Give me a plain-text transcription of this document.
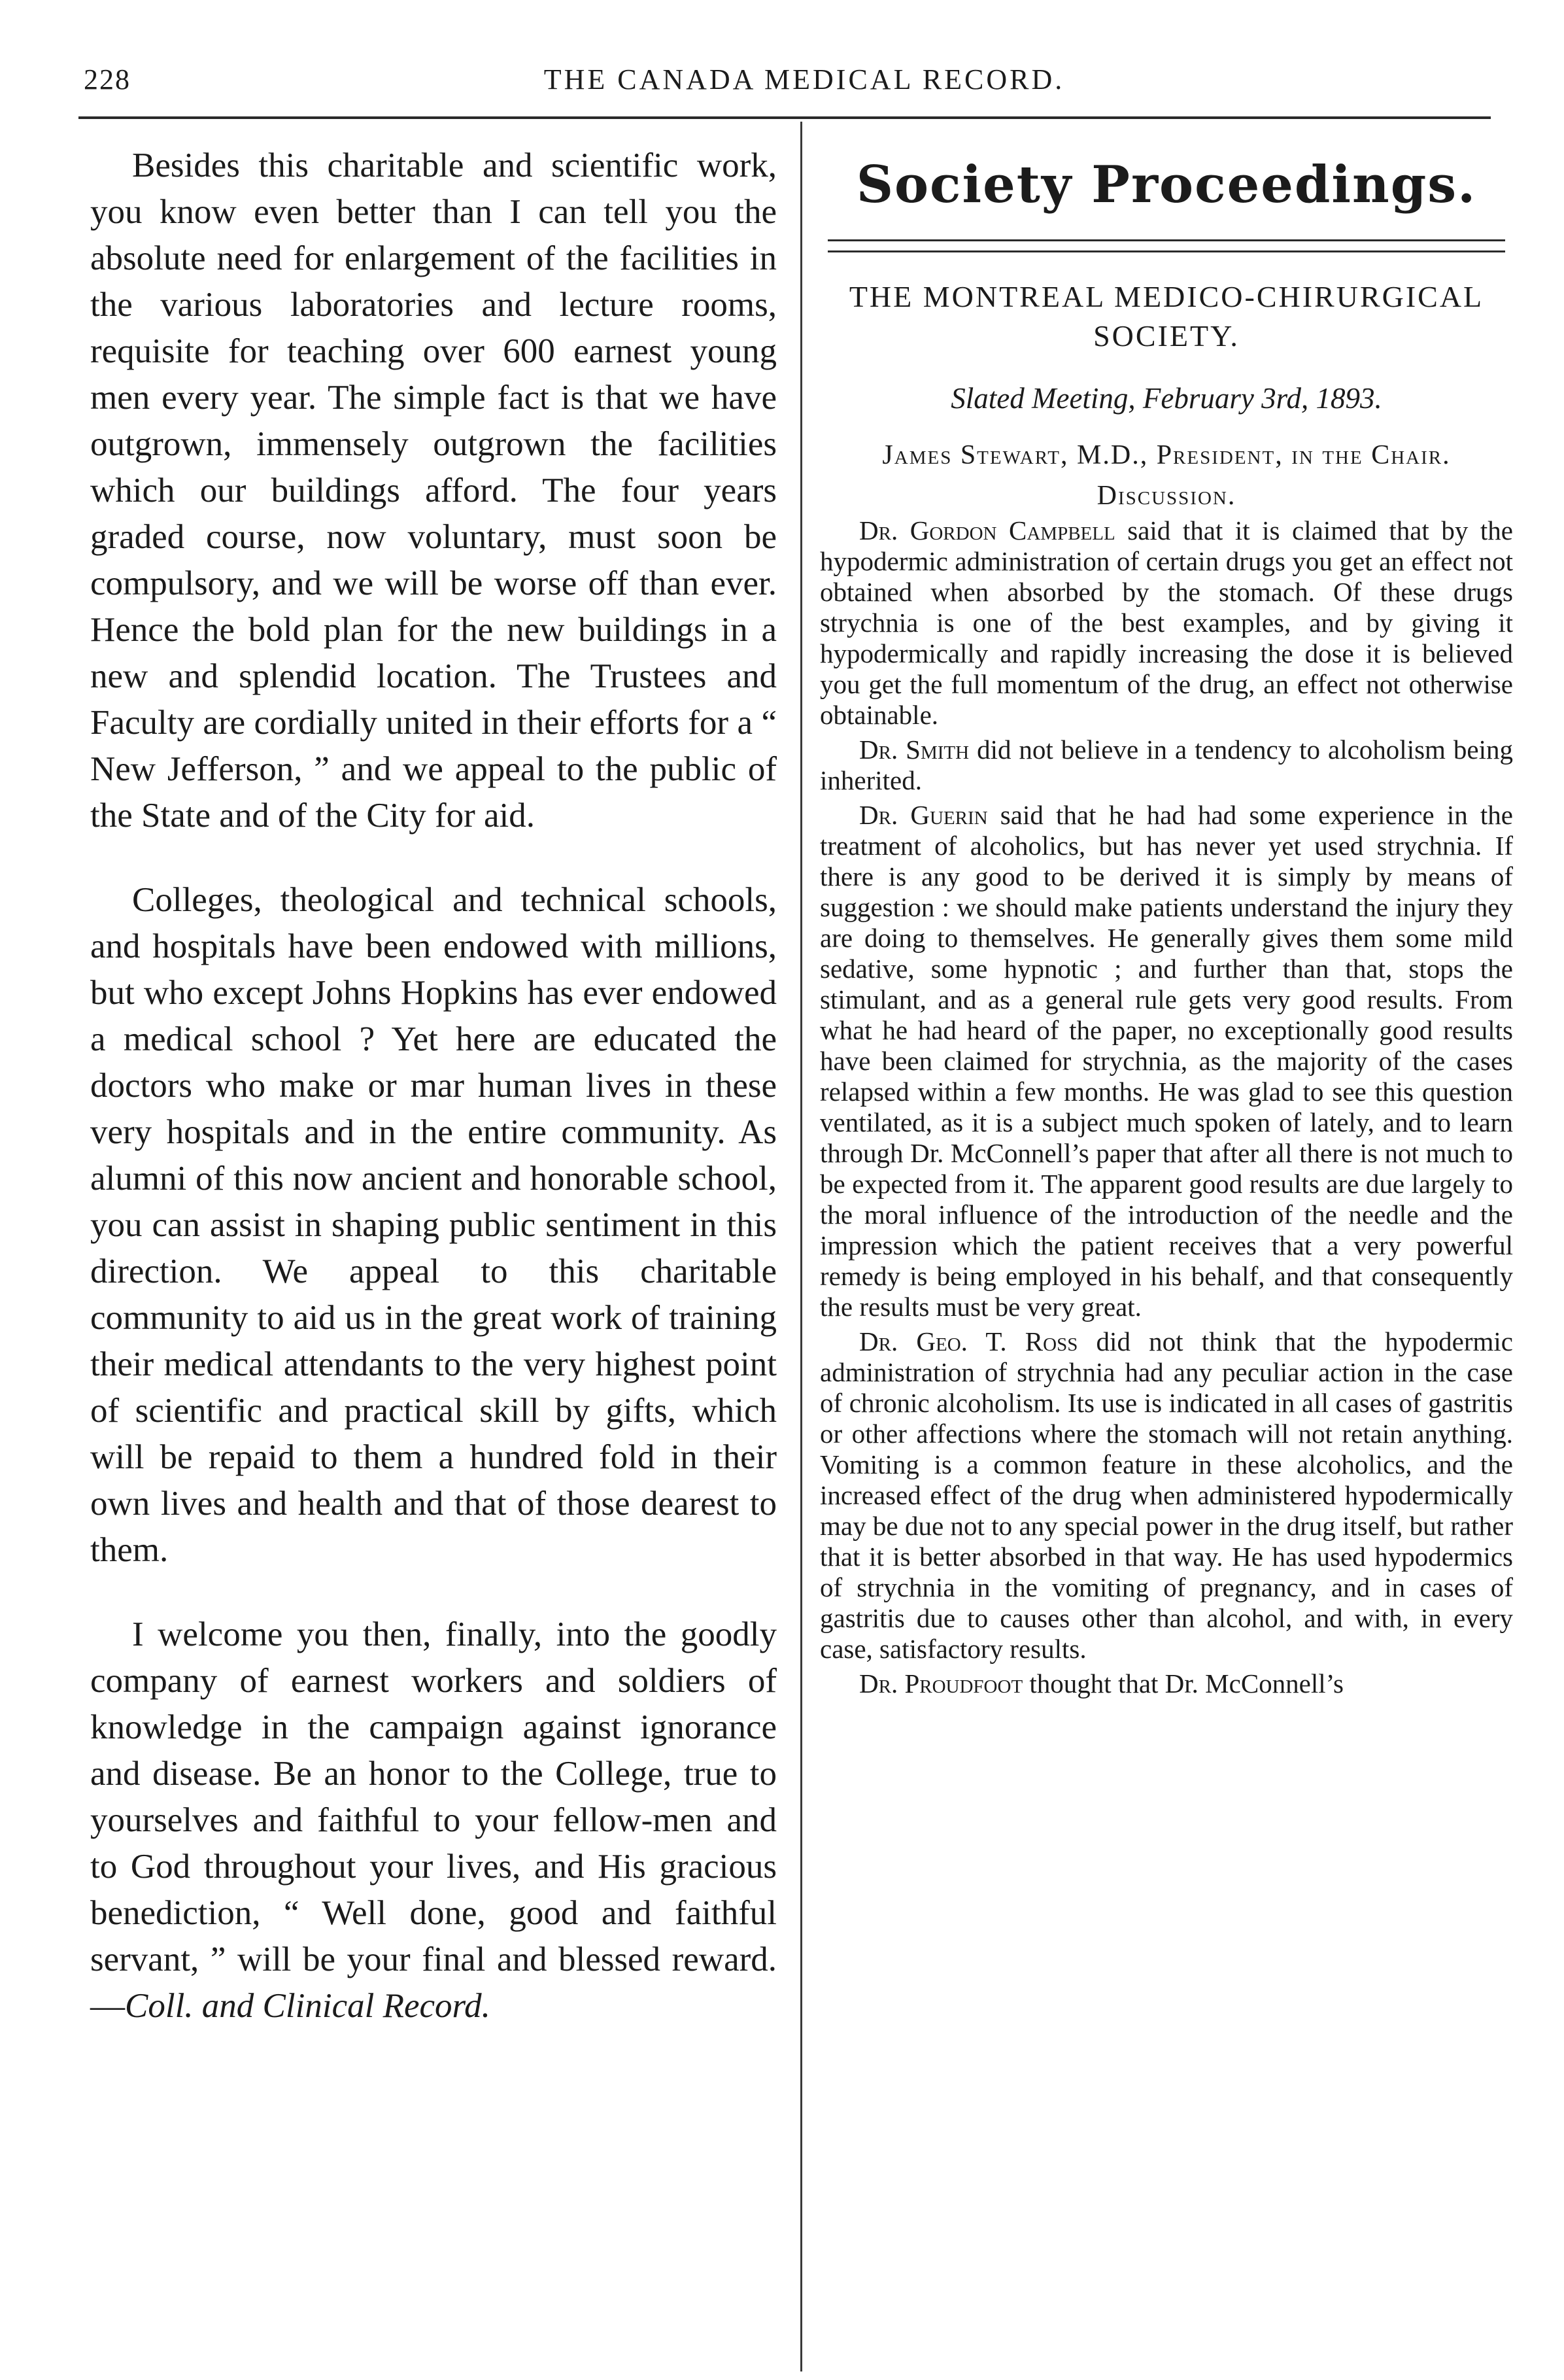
228	THE CANADA MEDICAL RECORD.

Besides this charitable and scientific work, you know even better than I can tell you the absolute need for enlargement of the facilities in the various laboratories and lecture rooms, requisite for teaching over 600 earnest young men every year. The simple fact is that we have outgrown, immensely outgrown the facilities which our buildings afford. The four years graded course, now voluntary, must soon be compulsory, and we will be worse off than ever. Hence the bold plan for the new buildings in a new and splendid location. The Trustees and Faculty are cordially united in their efforts for a “ New Jefferson, ” and we appeal to the public of the State and of the City for aid.

Colleges, theological and technical schools, and hospitals have been endowed with millions, but who except Johns Hopkins has ever endowed a medical school ? Yet here are educated the doctors who make or mar human lives in these very hospitals and in the entire community. As alumni of this now ancient and honorable school, you can assist in shaping public sentiment in this direction. We appeal to this charitable community to aid us in the great work of training their medical attendants to the very highest point of scientific and practical skill by gifts, which will be repaid to them a hundred fold in their own lives and health and that of those dearest to them.

I welcome you then, finally, into the goodly company of earnest workers and soldiers of knowledge in the campaign against ignorance and disease. Be an honor to the College, true to yourselves and faithful to your fellow-men and to God throughout your lives, and His gracious benediction, “ Well done, good and faithful servant, ” will be your final and blessed reward.—Coll. and Clinical Record.

Society Proceedings.
THE MONTREAL MEDICO-CHIRURGICAL SOCIETY.
Slated Meeting, February 3rd, 1893.
James Stewart, M.D., President, in the Chair.
Discussion.

Dr. Gordon Campbell said that it is claimed that by the hypodermic administration of certain drugs you get an effect not obtained when absorbed by the stomach. Of these drugs strychnia is one of the best examples, and by giving it hypodermically and rapidly increasing the dose it is believed you get the full momentum of the drug, an effect not otherwise obtainable.

Dr. Smith did not believe in a tendency to alcoholism being inherited.

Dr. Guerin said that he had had some experience in the treatment of alcoholics, but has never yet used strychnia. If there is any good to be derived it is simply by means of suggestion : we should make patients understand the injury they are doing to themselves. He generally gives them some mild sedative, some hypnotic ; and further than that, stops the stimulant, and as a general rule gets very good results. From what he had heard of the paper, no exceptionally good results have been claimed for strychnia, as the majority of the cases relapsed within a few months. He was glad to see this question ventilated, as it is a subject much spoken of lately, and to learn through Dr. McConnell’s paper that after all there is not much to be expected from it. The apparent good results are due largely to the moral influence of the introduction of the needle and the impression which the patient receives that a very powerful remedy is being employed in his behalf, and that consequently the results must be very great.

Dr. Geo. T. Ross did not think that the hypodermic administration of strychnia had any peculiar action in the case of chronic alcoholism. Its use is indicated in all cases of gastritis or other affections where the stomach will not retain anything. Vomiting is a common feature in these alcoholics, and the increased effect of the drug when administered hypodermically may be due not to any special power in the drug itself, but rather that it is better absorbed in that way. He has used hypodermics of strychnia in the vomiting of pregnancy, and in cases of gastritis due to causes other than alcohol, and with, in every case, satisfactory results.

Dr. Proudfoot thought that Dr. McConnell’s
